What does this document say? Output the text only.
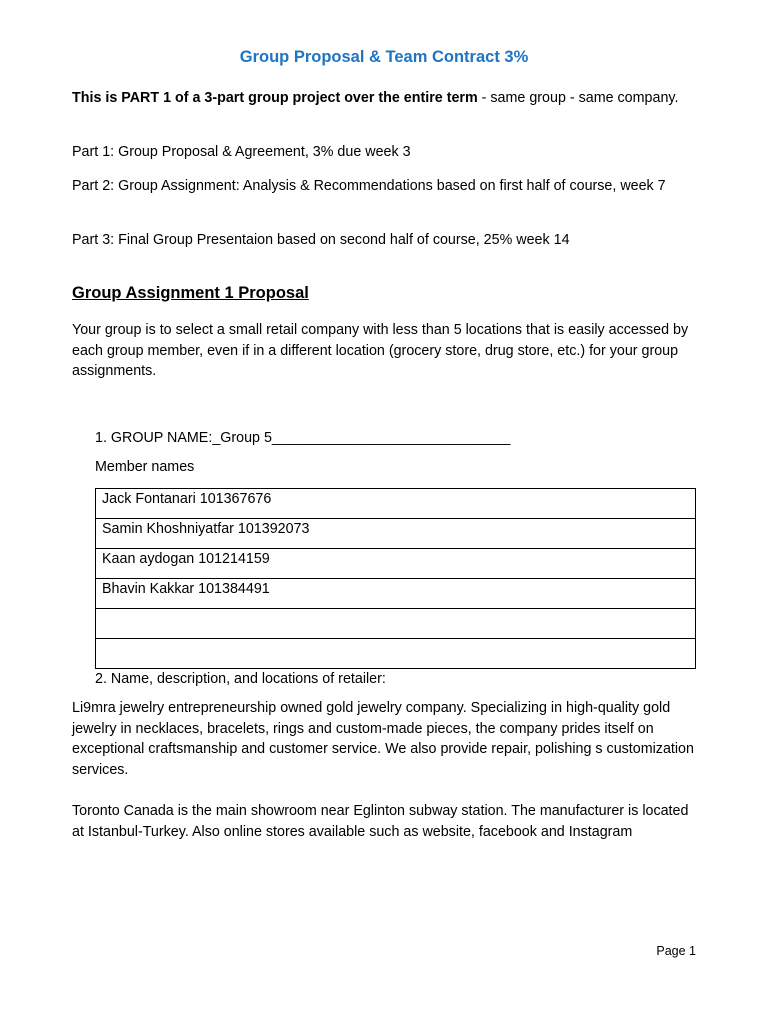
Group Proposal & Team Contract 3%
This is PART 1 of a 3-part group project over the entire term - same group - same company.
Part 1: Group Proposal & Agreement, 3% due week 3
Part 2: Group Assignment: Analysis & Recommendations based on first half of course, week 7
Part 3: Final Group Presentaion based on second half of course, 25% week 14
Group Assignment 1 Proposal
Your group is to select a small retail company with less than 5 locations that is easily accessed by each group member, even if in a different location (grocery store, drug store, etc.) for your group assignments.
1. GROUP NAME:_Group 5______________________________
Member names
Jack Fontanari 101367676
Samin Khoshniyatfar 101392073
Kaan aydogan 101214159
Bhavin Kakkar 101384491

2. Name, description, and locations of retailer:
Li9mra jewelry entrepreneurship owned gold jewelry company. Specializing in high-quality gold jewelry in necklaces, bracelets, rings and custom-made pieces, the company prides itself on exceptional craftsmanship and customer service. We also provide repair, polishing s customization services.
Toronto Canada is the main showroom near Eglinton subway station. The manufacturer is located at Istanbul-Turkey. Also online stores available such as website, facebook and Instagram
Page 1
